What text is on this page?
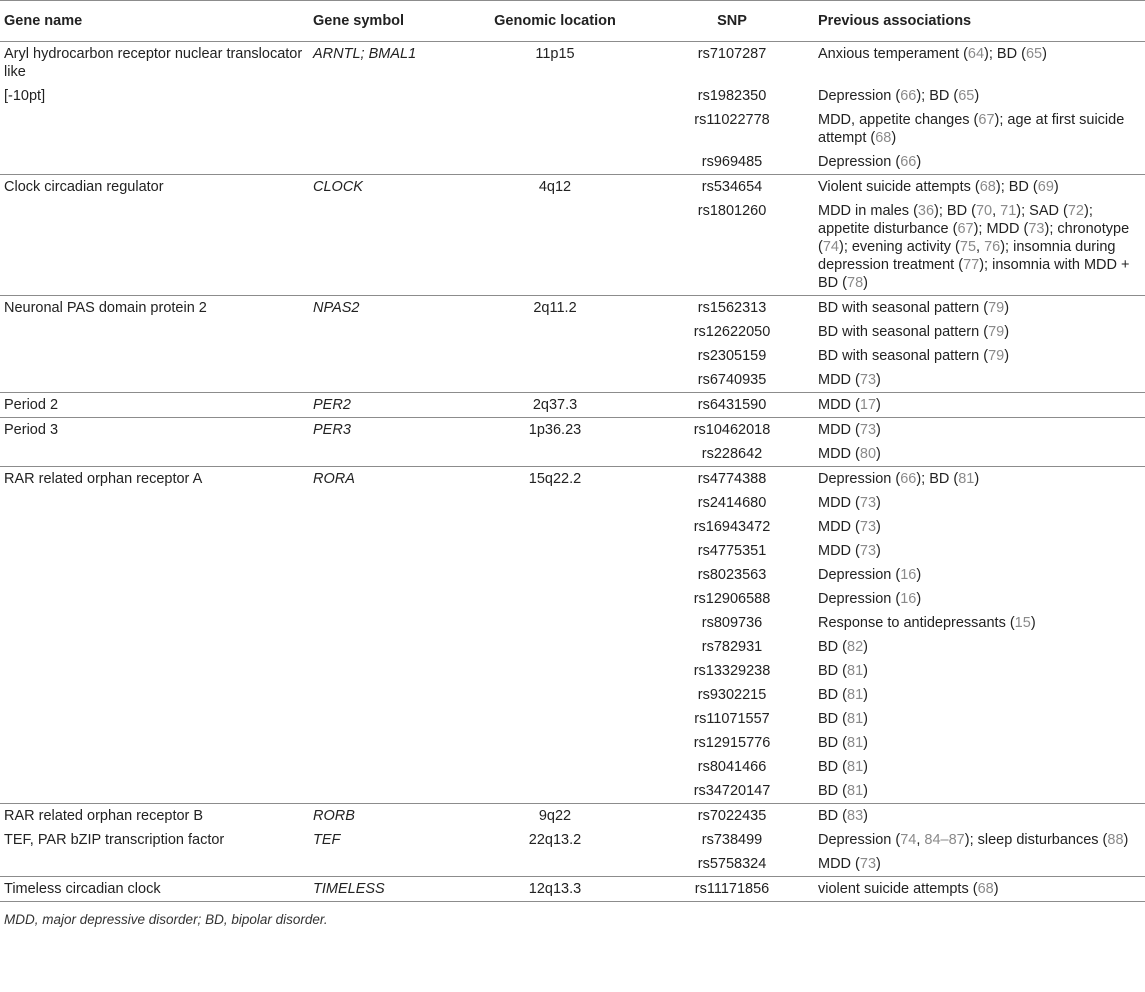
Gene name	Gene symbol	Genomic location	SNP	Previous associations
Aryl hydrocarbon receptor nuclear translocator like	ARNTL; BMAL1	11p15	rs7107287	Anxious temperament (64); BD (65)
[-10pt]			rs1982350	Depression (66); BD (65)
			rs11022778	MDD, appetite changes (67); age at first suicide attempt (68)
			rs969485	Depression (66)
Clock circadian regulator	CLOCK	4q12	rs534654	Violent suicide attempts (68); BD (69)
			rs1801260	MDD in males (36); BD (70, 71); SAD (72); appetite disturbance (67); MDD (73); chronotype (74); evening activity (75, 76); insomnia during depression treatment (77); insomnia with MDD + BD (78)
Neuronal PAS domain protein 2	NPAS2	2q11.2	rs1562313	BD with seasonal pattern (79)
			rs12622050	BD with seasonal pattern (79)
			rs2305159	BD with seasonal pattern (79)
			rs6740935	MDD (73)
Period 2	PER2	2q37.3	rs6431590	MDD (17)
Period 3	PER3	1p36.23	rs10462018	MDD (73)
			rs228642	MDD (80)
RAR related orphan receptor A	RORA	15q22.2	rs4774388	Depression (66); BD (81)
			rs2414680	MDD (73)
			rs16943472	MDD (73)
			rs4775351	MDD (73)
			rs8023563	Depression (16)
			rs12906588	Depression (16)
			rs809736	Response to antidepressants (15)
			rs782931	BD (82)
			rs13329238	BD (81)
			rs9302215	BD (81)
			rs11071557	BD (81)
			rs12915776	BD (81)
			rs8041466	BD (81)
			rs34720147	BD (81)
RAR related orphan receptor B	RORB	9q22	rs7022435	BD (83)
TEF, PAR bZIP transcription factor	TEF	22q13.2	rs738499	Depression (74, 84–87); sleep disturbances (88)
			rs5758324	MDD (73)
Timeless circadian clock	TIMELESS	12q13.3	rs11171856	violent suicide attempts (68)
MDD, major depressive disorder; BD, bipolar disorder.
